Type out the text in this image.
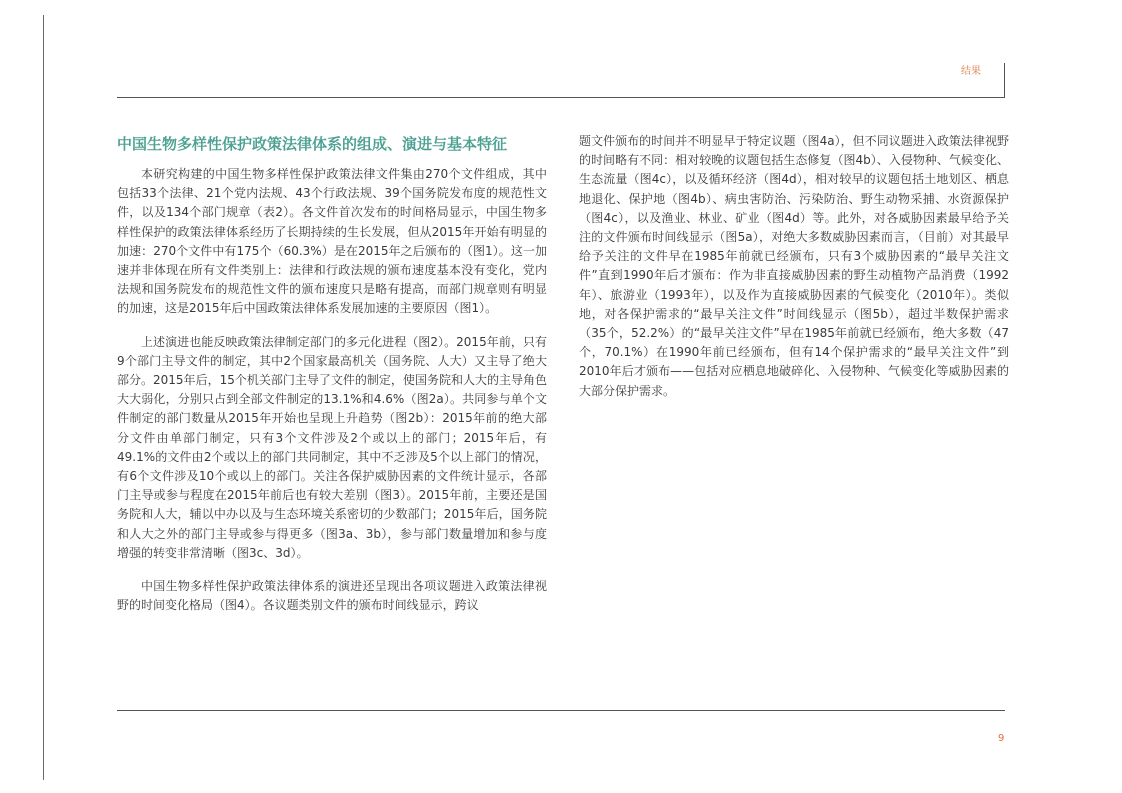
结果
中国生物多样性保护政策法律体系的组成、演进与基本特征

本研究构建的中国生物多样性保护政策法律文件集由270个文件组成，其中包括33个法律、21个党内法规、43个行政法规、39个国务院发布度的规范性文件，以及134个部门规章（表2）。各文件首次发布的时间格局显示，中国生物多样性保护的政策法律体系经历了长期持续的生长发展，但从2015年开始有明显的加速：270个文件中有175个（60.3%）是在2015年之后颁布的（图1）。这一加速并非体现在所有文件类别上：法律和行政法规的颁布速度基本没有变化，党内法规和国务院发布的规范性文件的颁布速度只是略有提高，而部门规章则有明显的加速，这是2015年后中国政策法律体系发展加速的主要原因（图1）。

上述演进也能反映政策法律制定部门的多元化进程（图2）。2015年前，只有9个部门主导文件的制定，其中2个国家最高机关（国务院、人大）又主导了绝大部分。2015年后，15个机关部门主导了文件的制定，使国务院和人大的主导角色大大弱化，分别只占到全部文件制定的13.1%和4.6%（图2a）。共同参与单个文件制定的部门数量从2015年开始也呈现上升趋势（图2b）：2015年前的绝大部分文件由单部门制定，只有3个文件涉及2个或以上的部门；2015年后，有49.1%的文件由2个或以上的部门共同制定，其中不乏涉及5个以上部门的情况，有6个文件涉及10个或以上的部门。关注各保护威胁因素的文件统计显示，各部门主导或参与程度在2015年前后也有较大差别（图3）。2015年前，主要还是国务院和人大，辅以中办以及与生态环境关系密切的少数部门；2015年后，国务院和人大之外的部门主导或参与得更多（图3a、3b），参与部门数量增加和参与度增强的转变非常清晰（图3c、3d）。

中国生物多样性保护政策法律体系的演进还呈现出各项议题进入政策法律视野的时间变化格局（图4）。各议题类别文件的颁布时间线显示，跨议

题文件颁布的时间并不明显早于特定议题（图4a），但不同议题进入政策法律视野的时间略有不同：相对较晚的议题包括生态修复（图4b）、入侵物种、气候变化、生态流量（图4c），以及循环经济（图4d），相对较早的议题包括土地划区、栖息地退化、保护地（图4b）、病虫害防治、污染防治、野生动物采捕、水资源保护（图4c），以及渔业、林业、矿业（图4d）等。此外，对各威胁因素最早给予关注的文件颁布时间线显示（图5a），对绝大多数威胁因素而言，（目前）对其最早给予关注的文件早在1985年前就已经颁布，只有3个威胁因素的“最早关注文件”直到1990年后才颁布：作为非直接威胁因素的野生动植物产品消费（1992年）、旅游业（1993年），以及作为直接威胁因素的气候变化（2010年）。类似地，对各保护需求的“最早关注文件”时间线显示（图5b），超过半数保护需求（35个，52.2%）的“最早关注文件”早在1985年前就已经颁布，绝大多数（47个，70.1%）在1990年前已经颁布，但有14个保护需求的“最早关注文件”到2010年后才颁布——包括对应栖息地破碎化、入侵物种、气候变化等威胁因素的大部分保护需求。

9
